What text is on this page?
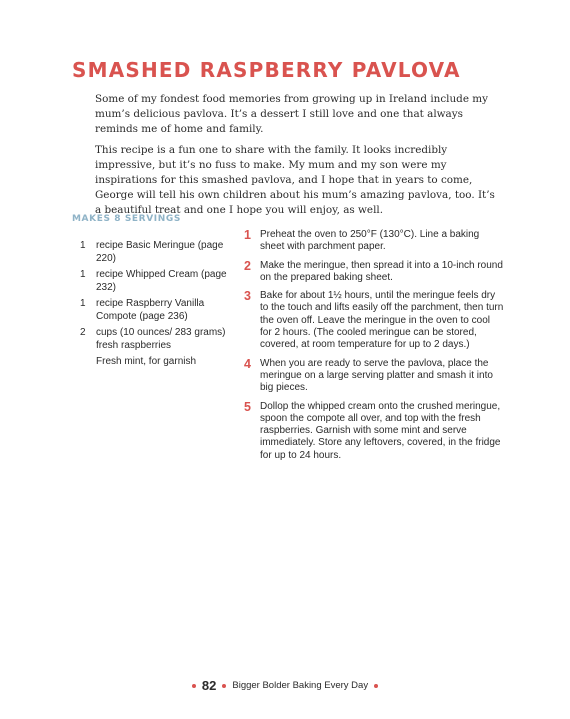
SMASHED RASPBERRY PAVLOVA

Some of my fondest food memories from growing up in Ireland include my mum’s delicious pavlova. It’s a dessert I still love and one that always reminds me of home and family.

This recipe is a fun one to share with the family. It looks incredibly impressive, but it’s no fuss to make. My mum and my son were my inspirations for this smashed pavlova, and I hope that in years to come, George will tell his own children about his mum’s amazing pavlova, too. It’s a beautiful treat and one I hope you will enjoy, as well.

MAKES 8 SERVINGS
1	recipe Basic Meringue (page 220)
1	recipe Whipped Cream (page 232)
1	recipe Raspberry Vanilla Compote (page 236)
2	cups (10 ounces/ 283 grams) fresh raspberries
Fresh mint, for garnish
1 Preheat the oven to 250°F (130°C). Line a baking sheet with parchment paper.
2 Make the meringue, then spread it into a 10-inch round on the prepared baking sheet.
3 Bake for about 1½ hours, until the meringue feels dry to the touch and lifts easily off the parchment, then turn the oven off. Leave the meringue in the oven to cool for 2 hours. (The cooled meringue can be stored, covered, at room temperature for up to 2 days.)
4 When you are ready to serve the pavlova, place the meringue on a large serving platter and smash it into big pieces.
5 Dollop the whipped cream onto the crushed meringue, spoon the compote all over, and top with the fresh raspberries. Garnish with some mint and serve immediately. Store any leftovers, covered, in the fridge for up to 24 hours.
82 Bigger Bolder Baking Every Day
